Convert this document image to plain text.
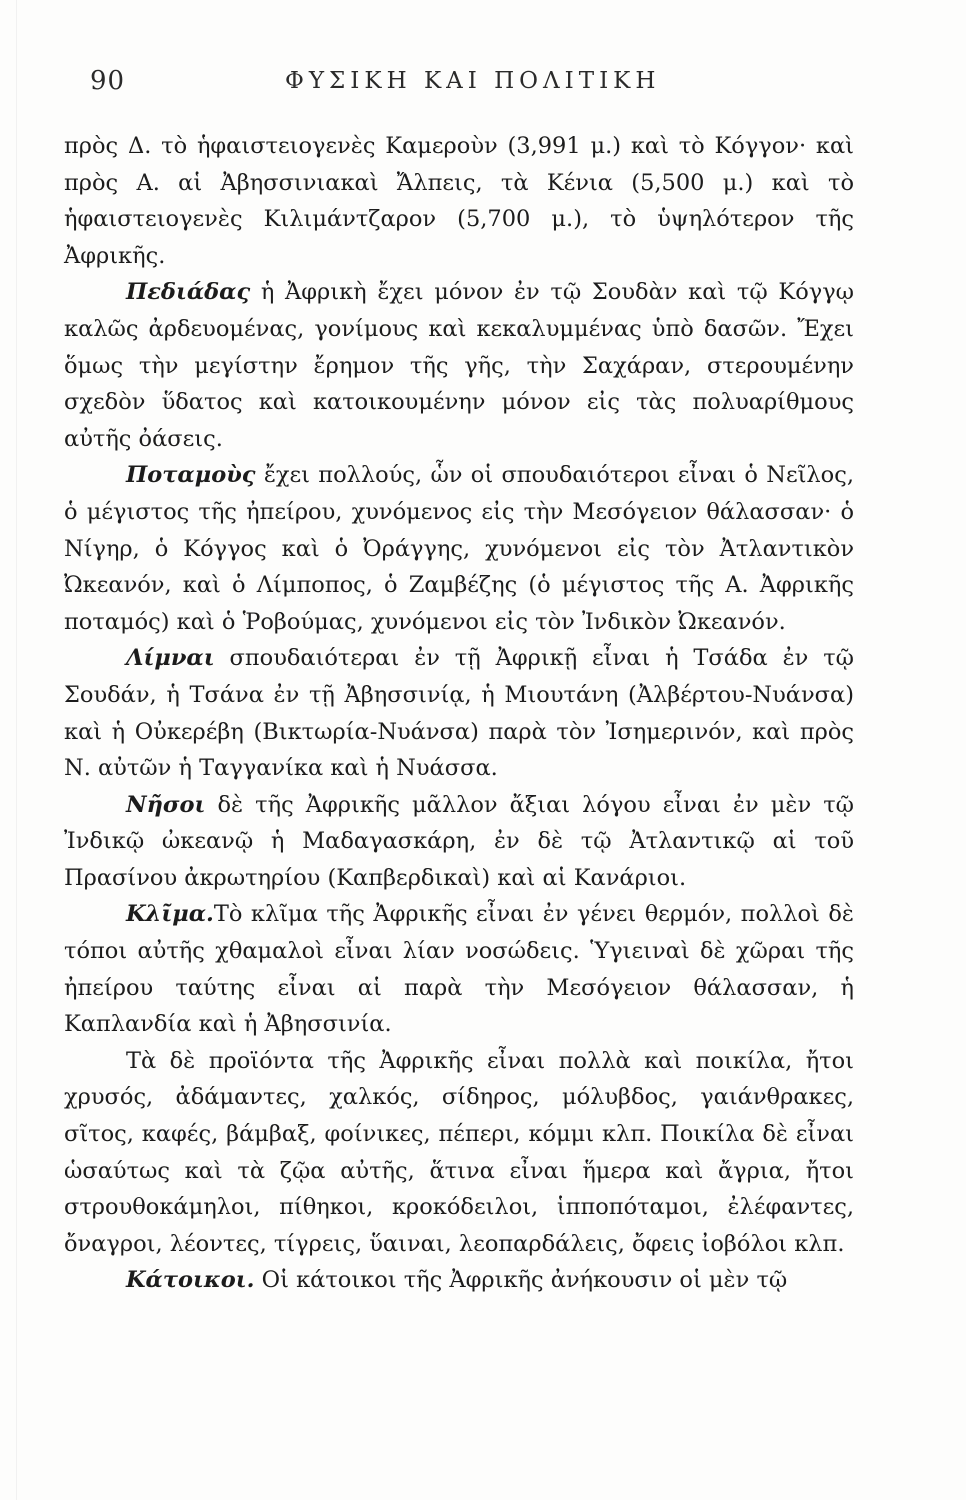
90	ΦΥΣΙΚΗ ΚΑΙ ΠΟΛΙΤΙΚΗ

πρὸς Δ. τὸ ἡφαιστειογενὲς Καμεροὺν (3,991 μ.) καὶ τὸ Κόγγον· καὶ πρὸς Α. αἱ Ἀβησσινιακαὶ Ἄλπεις, τὰ Κένια (5,500 μ.) καὶ τὸ ἡφαιστειογενὲς Κιλιμάντζαρον (5,700 μ.), τὸ ὑψηλότερον τῆς Ἀφρικῆς.

Πεδιάδας ἡ Ἀφρικὴ ἔχει μόνον ἐν τῷ Σουδὰν καὶ τῷ Κόγγῳ καλῶς ἀρδευομένας, γονίμους καὶ κεκαλυμμένας ὑπὸ δασῶν. Ἔχει ὅμως τὴν μεγίστην ἔρημον τῆς γῆς, τὴν Σαχάραν, στερουμένην σχεδὸν ὕδατος καὶ κατοικουμένην μόνον εἰς τὰς πολυαρίθμους αὐτῆς ὀάσεις.

Ποταμοὺς ἔχει πολλούς, ὧν οἱ σπουδαιότεροι εἶναι ὁ Νεῖλος, ὁ μέγιστος τῆς ἠπείρου, χυνόμενος εἰς τὴν Μεσόγειον θάλασσαν· ὁ Νίγηρ, ὁ Κόγγος καὶ ὁ Ὀράγγης, χυνόμενοι εἰς τὸν Ἀτλαντικὸν Ὠκεανόν, καὶ ὁ Λίμποπος, ὁ Ζαμβέζης (ὁ μέγιστος τῆς Α. Ἀφρικῆς ποταμός) καὶ ὁ Ῥοβούμας, χυνόμενοι εἰς τὸν Ἰνδικὸν Ὠκεανόν.

Λίμναι σπουδαιότεραι ἐν τῇ Ἀφρικῇ εἶναι ἡ Τσάδα ἐν τῷ Σουδάν, ἡ Τσάνα ἐν τῇ Ἀβησσινίᾳ, ἡ Μιουτάνη (Ἀλβέρτου-Νυάνσα) καὶ ἡ Οὐκερέβη (Βικτωρία-Νυάνσα) παρὰ τὸν Ἰσημερινόν, καὶ πρὸς Ν. αὐτῶν ἡ Ταγγανίκα καὶ ἡ Νυάσσα.

Νῆσοι δὲ τῆς Ἀφρικῆς μᾶλλον ἄξιαι λόγου εἶναι ἐν μὲν τῷ Ἰνδικῷ ὠκεανῷ ἡ Μαδαγασκάρη, ἐν δὲ τῷ Ἀτλαντικῷ αἱ τοῦ Πρασίνου ἀκρωτηρίου (Καπβερδικαὶ) καὶ αἱ Κανάριοι.

Κλῖμα.Τὸ κλῖμα τῆς Ἀφρικῆς εἶναι ἐν γένει θερμόν, πολλοὶ δὲ τόποι αὐτῆς χθαμαλοὶ εἶναι λίαν νοσώδεις. Ὑγιειναὶ δὲ χῶραι τῆς ἠπείρου ταύτης εἶναι αἱ παρὰ τὴν Μεσόγειον θάλασσαν, ἡ Καπλανδία καὶ ἡ Ἀβησσινία.

Τὰ δὲ προϊόντα τῆς Ἀφρικῆς εἶναι πολλὰ καὶ ποικίλα, ἤτοι χρυσός, ἀδάμαντες, χαλκός, σίδηρος, μόλυβδος, γαιάνθρακες, σῖτος, καφές, βάμβαξ, φοίνικες, πέπερι, κόμμι κλπ. Ποικίλα δὲ εἶναι ὡσαύτως καὶ τὰ ζῷα αὐτῆς, ἅτινα εἶναι ἥμερα καὶ ἄγρια, ἤτοι στρουθοκάμηλοι, πίθηκοι, κροκόδειλοι, ἱπποπόταμοι, ἐλέφαντες, ὄναγροι, λέοντες, τίγρεις, ὕαιναι, λεοπαρδάλεις, ὄφεις ἰοβόλοι κλπ.

Κάτοικοι. Οἱ κάτοικοι τῆς Ἀφρικῆς ἀνήκουσιν οἱ μὲν τῷ
